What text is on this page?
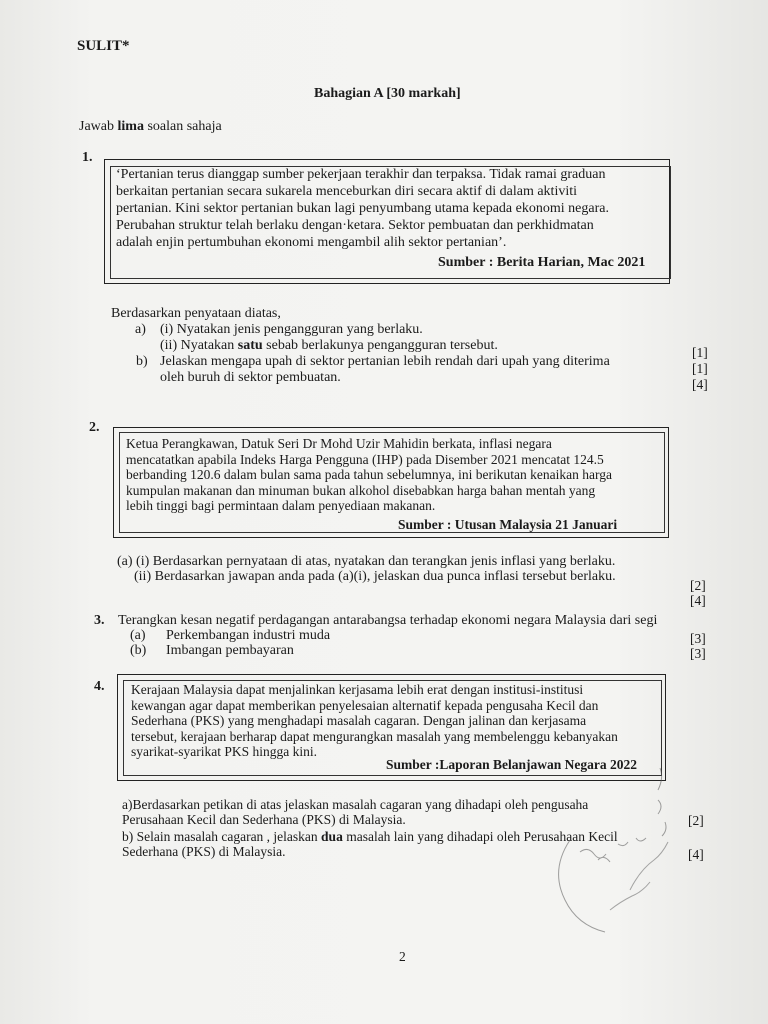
SULIT*
Bahagian A [30 markah]
Jawab lima soalan sahaja
1.
‘Pertanian terus dianggap sumber pekerjaan terakhir dan terpaksa. Tidak ramai graduan
berkaitan pertanian secara sukarela menceburkan diri secara aktif di dalam aktiviti
pertanian. Kini sektor pertanian bukan lagi penyumbang utama kepada ekonomi negara.
Perubahan struktur telah berlaku dengan·ketara. Sektor pembuatan dan perkhidmatan
adalah enjin pertumbuhan ekonomi mengambil alih sektor pertanian’.
Sumber : Berita Harian, Mac 2021
Berdasarkan penyataan diatas,
a) (i) Nyatakan jenis pengangguran yang berlaku.
(ii) Nyatakan satu sebab berlakunya pengangguran tersebut.
b) Jelaskan mengapa upah di sektor pertanian lebih rendah dari upah yang diterima
oleh buruh di sektor pembuatan.
[1]
[1]
[4]
2.
Ketua Perangkawan, Datuk Seri Dr Mohd Uzir Mahidin berkata, inflasi negara
mencatatkan apabila Indeks Harga Pengguna (IHP) pada Disember 2021 mencatat 124.5
berbanding 120.6 dalam bulan sama pada tahun sebelumnya, ini berikutan kenaikan harga
kumpulan makanan dan minuman bukan alkohol disebabkan harga bahan mentah yang
lebih tinggi bagi permintaan dalam penyediaan makanan.
Sumber : Utusan Malaysia 21 Januari
(a) (i) Berdasarkan pernyataan di atas, nyatakan dan terangkan jenis inflasi yang berlaku.
(ii) Berdasarkan jawapan anda pada (a)(i), jelaskan dua punca inflasi tersebut berlaku.
[2]
[4]
3. Terangkan kesan negatif perdagangan antarabangsa terhadap ekonomi negara Malaysia dari segi
(a) Perkembangan industri muda
(b) Imbangan pembayaran
[3]
[3]
4. Kerajaan Malaysia dapat menjalinkan kerjasama lebih erat dengan institusi-institusi
kewangan agar dapat memberikan penyelesaian alternatif kepada pengusaha Kecil dan
Sederhana (PKS) yang menghadapi masalah cagaran. Dengan jalinan dan kerjasama
tersebut, kerajaan berharap dapat mengurangkan masalah yang membelenggu kebanyakan
syarikat-syarikat PKS hingga kini.
Sumber :Laporan Belanjawan Negara 2022
a)Berdasarkan petikan di atas jelaskan masalah cagaran yang dihadapi oleh pengusaha
Perusahaan Kecil dan Sederhana (PKS) di Malaysia.
b) Selain masalah cagaran , jelaskan dua masalah lain yang dihadapi oleh Perusahaan Kecil
Sederhana (PKS) di Malaysia.
[2]
[4]
2
